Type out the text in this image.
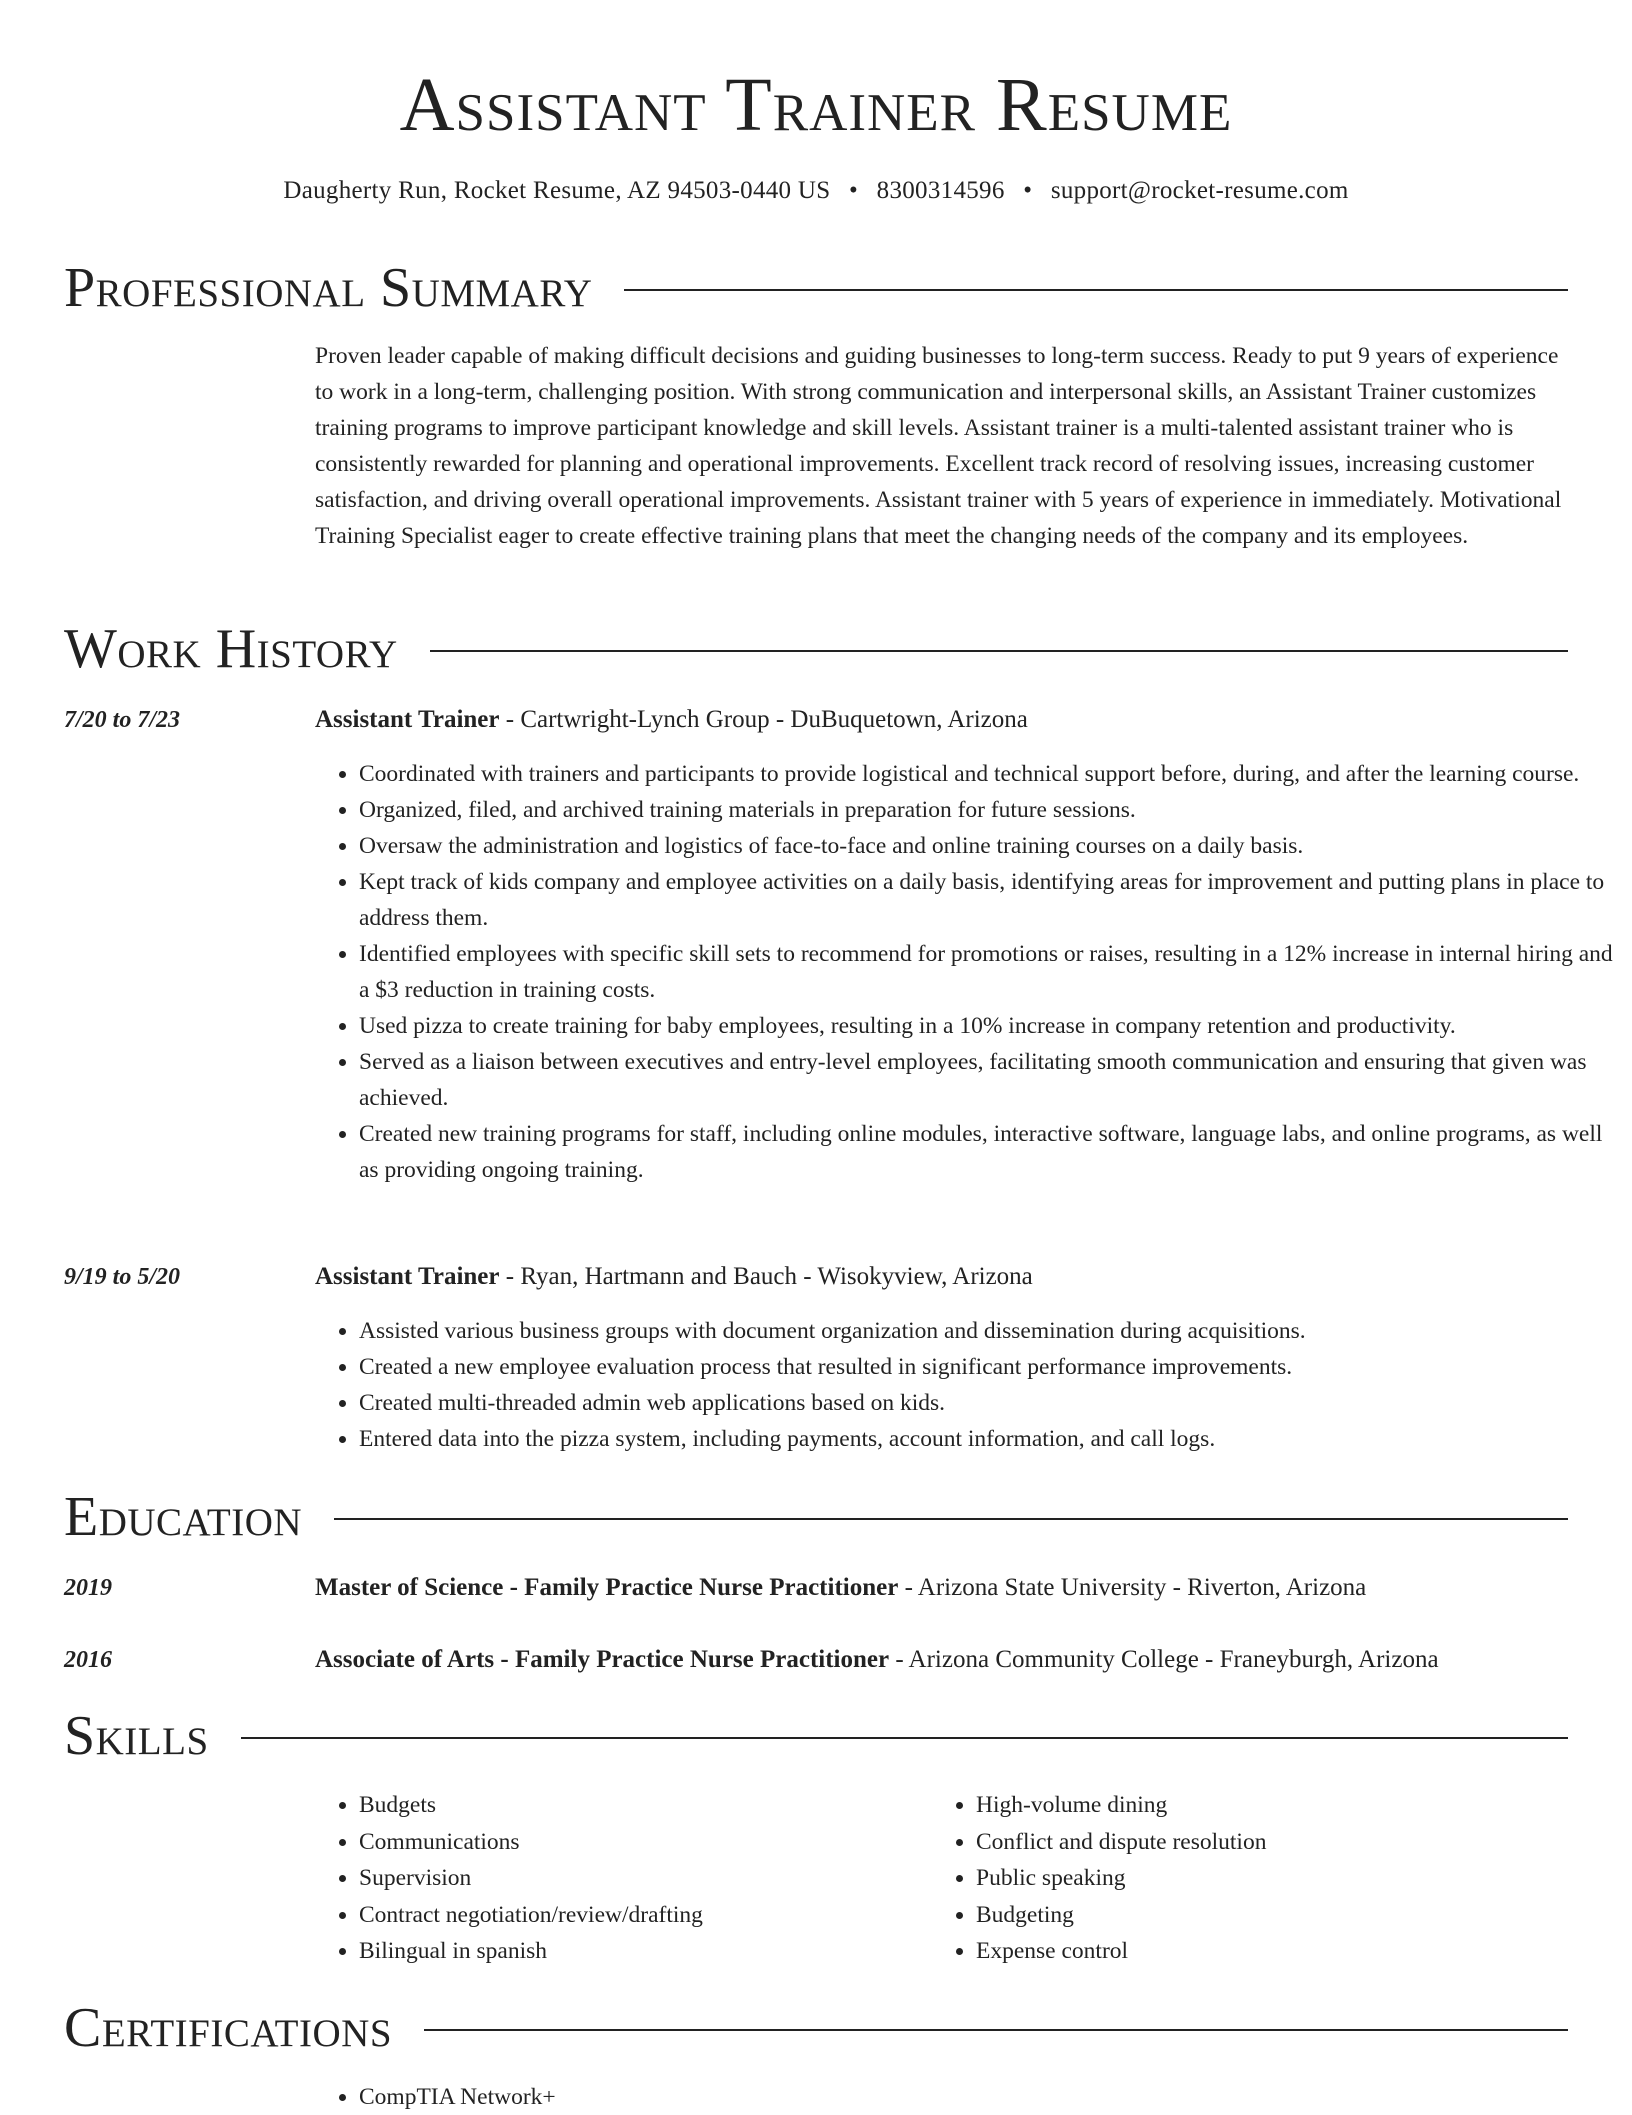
Assistant Trainer Resume
Daugherty Run, Rocket Resume, AZ 94503-0440 US • 8300314596 • support@rocket-resume.com
Professional Summary
Proven leader capable of making difficult decisions and guiding businesses to long-term success. Ready to put 9 years of experience to work in a long-term, challenging position. With strong communication and interpersonal skills, an Assistant Trainer customizes training programs to improve participant knowledge and skill levels. Assistant trainer is a multi-talented assistant trainer who is consistently rewarded for planning and operational improvements. Excellent track record of resolving issues, increasing customer satisfaction, and driving overall operational improvements. Assistant trainer with 5 years of experience in immediately. Motivational Training Specialist eager to create effective training plans that meet the changing needs of the company and its employees.
Work History
7/20 to 7/23	Assistant Trainer - Cartwright-Lynch Group - DuBuquetown, Arizona
• Coordinated with trainers and participants to provide logistical and technical support before, during, and after the learning course.
• Organized, filed, and archived training materials in preparation for future sessions.
• Oversaw the administration and logistics of face-to-face and online training courses on a daily basis.
• Kept track of kids company and employee activities on a daily basis, identifying areas for improvement and putting plans in place to address them.
• Identified employees with specific skill sets to recommend for promotions or raises, resulting in a 12% increase in internal hiring and a $3 reduction in training costs.
• Used pizza to create training for baby employees, resulting in a 10% increase in company retention and productivity.
• Served as a liaison between executives and entry-level employees, facilitating smooth communication and ensuring that given was achieved.
• Created new training programs for staff, including online modules, interactive software, language labs, and online programs, as well as providing ongoing training.
9/19 to 5/20	Assistant Trainer - Ryan, Hartmann and Bauch - Wisokyview, Arizona
• Assisted various business groups with document organization and dissemination during acquisitions.
• Created a new employee evaluation process that resulted in significant performance improvements.
• Created multi-threaded admin web applications based on kids.
• Entered data into the pizza system, including payments, account information, and call logs.
Education
2019	Master of Science - Family Practice Nurse Practitioner - Arizona State University - Riverton, Arizona
2016	Associate of Arts - Family Practice Nurse Practitioner - Arizona Community College - Franeyburgh, Arizona
Skills
• Budgets
• Communications
• Supervision
• Contract negotiation/review/drafting
• Bilingual in spanish
• High-volume dining
• Conflict and dispute resolution
• Public speaking
• Budgeting
• Expense control
Certifications
• CompTIA Network+
